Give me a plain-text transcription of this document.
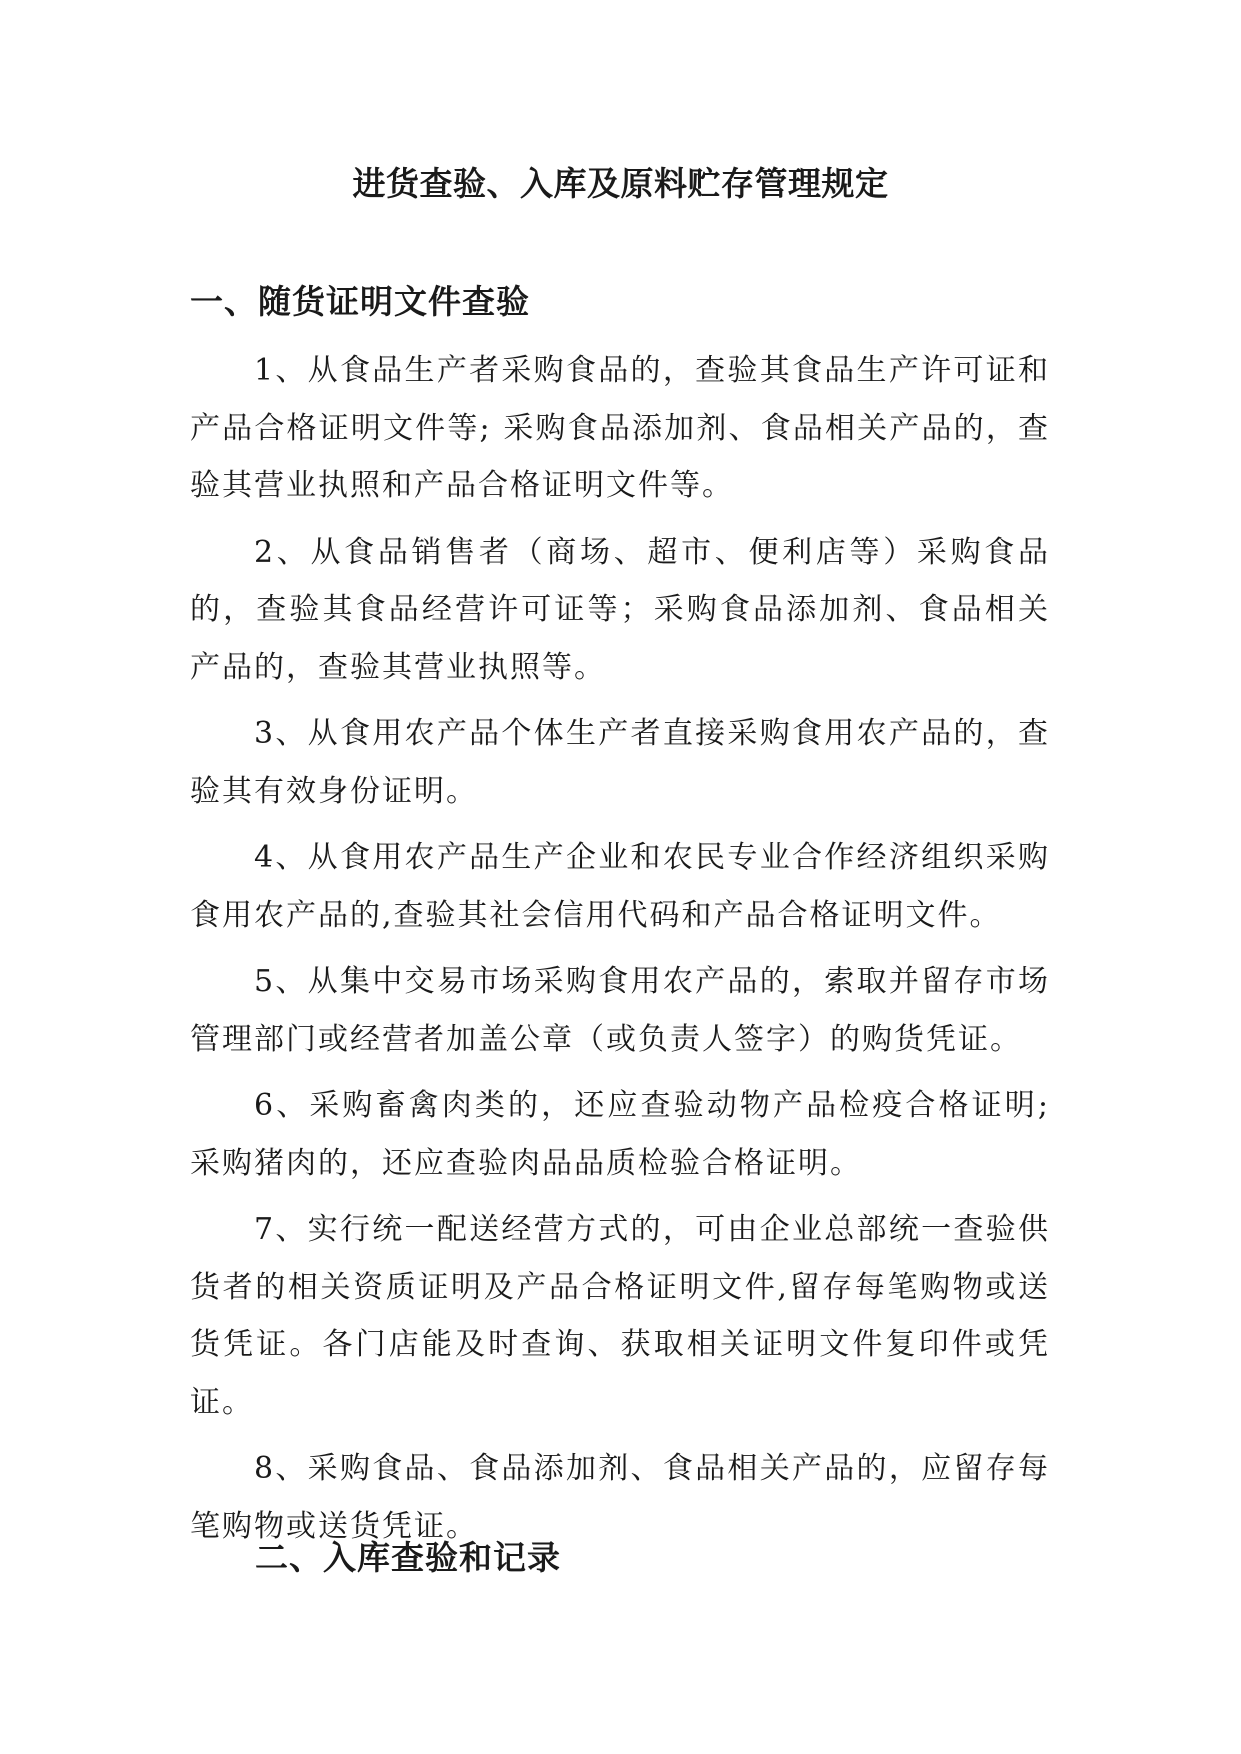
进货查验、入库及原料贮存管理规定
一、随货证明文件查验

1、从食品生产者采购食品的，查验其食品生产许可证和产品合格证明文件等; 采购食品添加剂、食品相关产品的，查验其营业执照和产品合格证明文件等。

2、从食品销售者（商场、超市、便利店等）采购食品的，查验其食品经营许可证等；采购食品添加剂、食品相关产品的，查验其营业执照等。

3、从食用农产品个体生产者直接采购食用农产品的，查验其有效身份证明。

4、从食用农产品生产企业和农民专业合作经济组织采购食用农产品的,查验其社会信用代码和产品合格证明文件。

5、从集中交易市场采购食用农产品的，索取并留存市场管理部门或经营者加盖公章（或负责人签字）的购货凭证。

6、采购畜禽肉类的，还应查验动物产品检疫合格证明;采购猪肉的，还应查验肉品品质检验合格证明。

7、实行统一配送经营方式的，可由企业总部统一查验供货者的相关资质证明及产品合格证明文件,留存每笔购物或送货凭证。各门店能及时查询、获取相关证明文件复印件或凭证。

8、采购食品、食品添加剂、食品相关产品的，应留存每笔购物或送货凭证。

二、入库查验和记录
